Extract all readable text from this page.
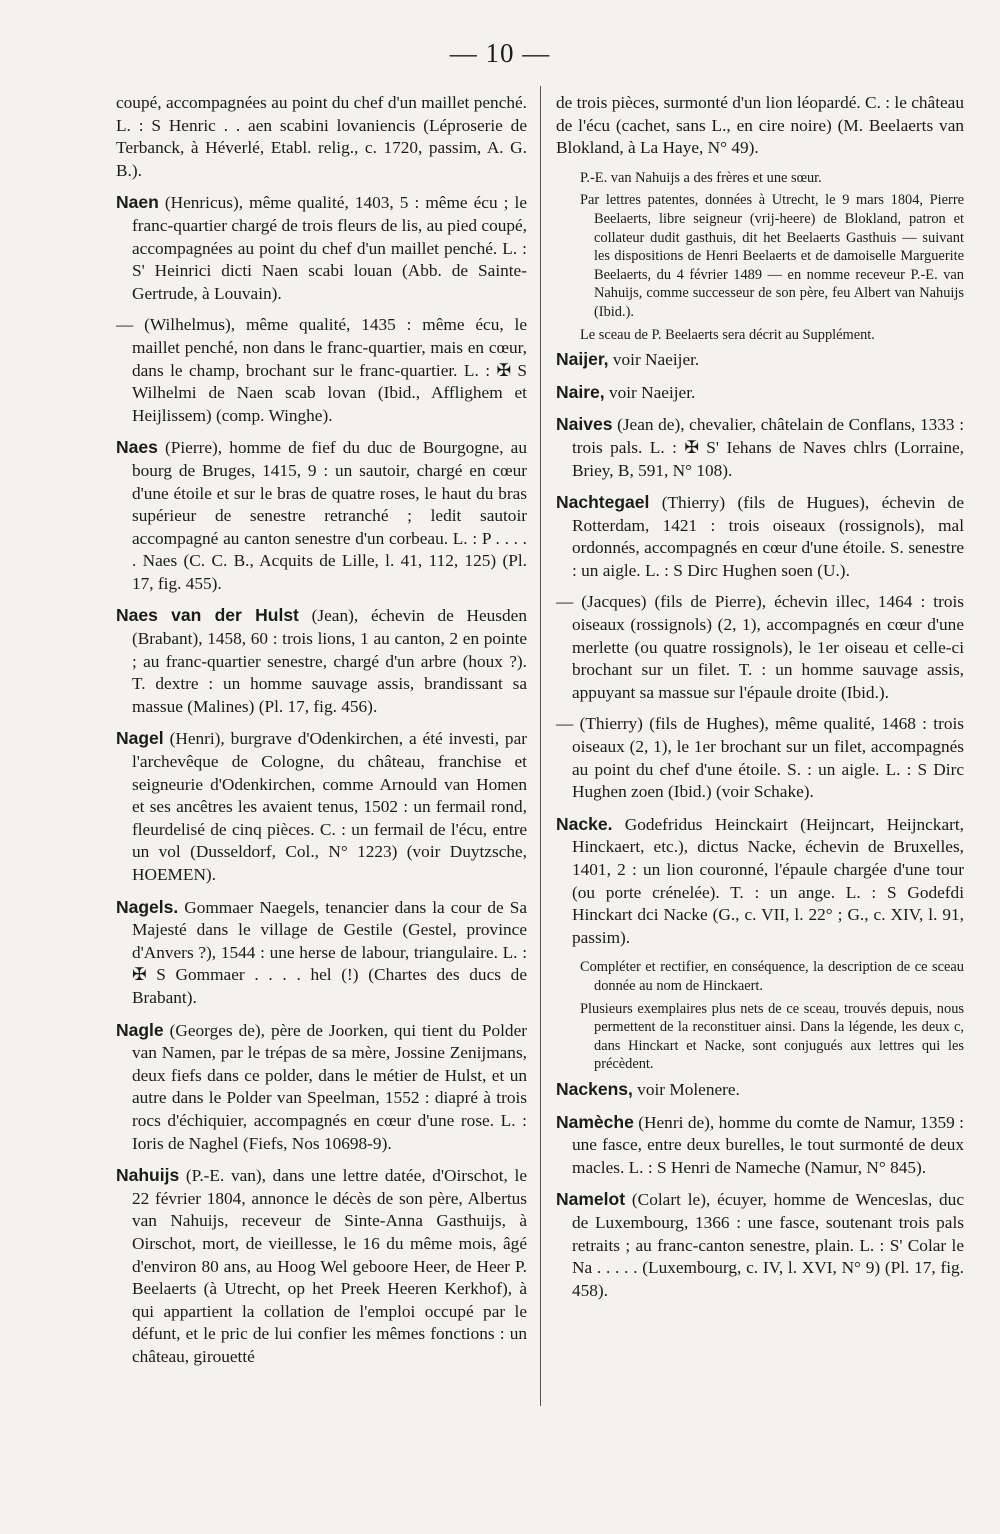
— 10 —
coupé, accompagnées au point du chef d'un maillet penché. L. : S Henric . . aen scabini lovaniencis (Léproserie de Terbanck, à Héverlé, Etabl. relig., c. 1720, passim, A. G. B.).
Naen (Henricus), même qualité, 1403, 5 : même écu ; le franc-quartier chargé de trois fleurs de lis, au pied coupé, accompagnées au point du chef d'un maillet penché. L. : S' Heinrici dicti Naen scabi louan (Abb. de Sainte-Gertrude, à Louvain).
— (Wilhelmus), même qualité, 1435 : même écu, le maillet penché, non dans le franc-quartier, mais en cœur, dans le champ, brochant sur le franc-quartier. L. : ✠ S Wilhelmi de Naen scab lovan (Ibid., Afflighem et Heijlissem) (comp. Winghe).
Naes (Pierre), homme de fief du duc de Bourgogne, au bourg de Bruges, 1415, 9 : un sautoir, chargé en cœur d'une étoile et sur le bras de quatre roses, le haut du bras supérieur de senestre retranché ; ledit sautoir accompagné au canton senestre d'un corbeau. L. : P . . . . . Naes (C. C. B., Acquits de Lille, l. 41, 112, 125) (Pl. 17, fig. 455).
Naes van der Hulst (Jean), échevin de Heusden (Brabant), 1458, 60 : trois lions, 1 au canton, 2 en pointe ; au franc-quartier senestre, chargé d'un arbre (houx ?). T. dextre : un homme sauvage assis, brandissant sa massue (Malines) (Pl. 17, fig. 456).
Nagel (Henri), burgrave d'Odenkirchen, a été investi, par l'archevêque de Cologne, du château, franchise et seigneurie d'Odenkirchen, comme Arnould van Homen et ses ancêtres les avaient tenus, 1502 : un fermail rond, fleurdelisé de cinq pièces. C. : un fermail de l'écu, entre un vol (Dusseldorf, Col., N° 1223) (voir Duytzsche, HOEMEN).
Nagels. Gommaer Naegels, tenancier dans la cour de Sa Majesté dans le village de Gestile (Gestel, province d'Anvers ?), 1544 : une herse de labour, triangulaire. L. : ✠ S Gommaer . . . . hel (!) (Chartes des ducs de Brabant).
Nagle (Georges de), père de Joorken, qui tient du Polder van Namen, par le trépas de sa mère, Jossine Zenijmans, deux fiefs dans ce polder, dans le métier de Hulst, et un autre dans le Polder van Speelman, 1552 : diapré à trois rocs d'échiquier, accompagnés en cœur d'une rose. L. : Ioris de Naghel (Fiefs, Nos 10698-9).
Nahuijs (P.-E. van), dans une lettre datée, d'Oirschot, le 22 février 1804, annonce le décès de son père, Albertus van Nahuijs, receveur de Sinte-Anna Gasthuijs, à Oirschot, mort, de vieillesse, le 16 du même mois, âgé d'environ 80 ans, au Hoog Wel geboore Heer, de Heer P. Beelaerts (à Utrecht, op het Preek Heeren Kerkhof), à qui appartient la collation de l'emploi occupé par le défunt, et le pric de lui confier les mêmes fonctions : un château, girouetté
de trois pièces, surmonté d'un lion léopardé. C. : le château de l'écu (cachet, sans L., en cire noire) (M. Beelaerts van Blokland, à La Haye, N° 49).
P.-E. van Nahuijs a des frères et une sœur.
Par lettres patentes, données à Utrecht, le 9 mars 1804, Pierre Beelaerts, libre seigneur (vrij-heere) de Blokland, patron et collateur dudit gasthuis, dit het Beelaerts Gasthuis — suivant les dispositions de Henri Beelaerts et de damoiselle Marguerite Beelaerts, du 4 février 1489 — en nomme receveur P.-E. van Nahuijs, comme successeur de son père, feu Albert van Nahuijs (Ibid.).
Le sceau de P. Beelaerts sera décrit au Supplément.
Naijer, voir Naeijer.
Naire, voir Naeijer.
Naives (Jean de), chevalier, châtelain de Conflans, 1333 : trois pals. L. : ✠ S' Iehans de Naves chlrs (Lorraine, Briey, B, 591, N° 108).
Nachtegael (Thierry) (fils de Hugues), échevin de Rotterdam, 1421 : trois oiseaux (rossignols), mal ordonnés, accompagnés en cœur d'une étoile. S. senestre : un aigle. L. : S Dirc Hughen soen (U.).
— (Jacques) (fils de Pierre), échevin illec, 1464 : trois oiseaux (rossignols) (2, 1), accompagnés en cœur d'une merlette (ou quatre rossignols), le 1er oiseau et celle-ci brochant sur un filet. T. : un homme sauvage assis, appuyant sa massue sur l'épaule droite (Ibid.).
— (Thierry) (fils de Hughes), même qualité, 1468 : trois oiseaux (2, 1), le 1er brochant sur un filet, accompagnés au point du chef d'une étoile. S. : un aigle. L. : S Dirc Hughen zoen (Ibid.) (voir Schake).
Nacke. Godefridus Heinckairt (Heijncart, Heijnckart, Hinckaert, etc.), dictus Nacke, échevin de Bruxelles, 1401, 2 : un lion couronné, l'épaule chargée d'une tour (ou porte crénelée). T. : un ange. L. : S Godefdi Hinckart dci Nacke (G., c. VII, l. 22° ; G., c. XIV, l. 91, passim).
Compléter et rectifier, en conséquence, la description de ce sceau donnée au nom de Hinckaert.
Plusieurs exemplaires plus nets de ce sceau, trouvés depuis, nous permettent de la reconstituer ainsi. Dans la légende, les deux c, dans Hinckart et Nacke, sont conjugués aux lettres qui les précèdent.
Nackens, voir Molenere.
Namèche (Henri de), homme du comte de Namur, 1359 : une fasce, entre deux burelles, le tout surmonté de deux macles. L. : S Henri de Nameche (Namur, N° 845).
Namelot (Colart le), écuyer, homme de Wenceslas, duc de Luxembourg, 1366 : une fasce, soutenant trois pals retraits ; au franc-canton senestre, plain. L. : S' Colar le Na . . . . . (Luxembourg, c. IV, l. XVI, N° 9) (Pl. 17, fig. 458).
